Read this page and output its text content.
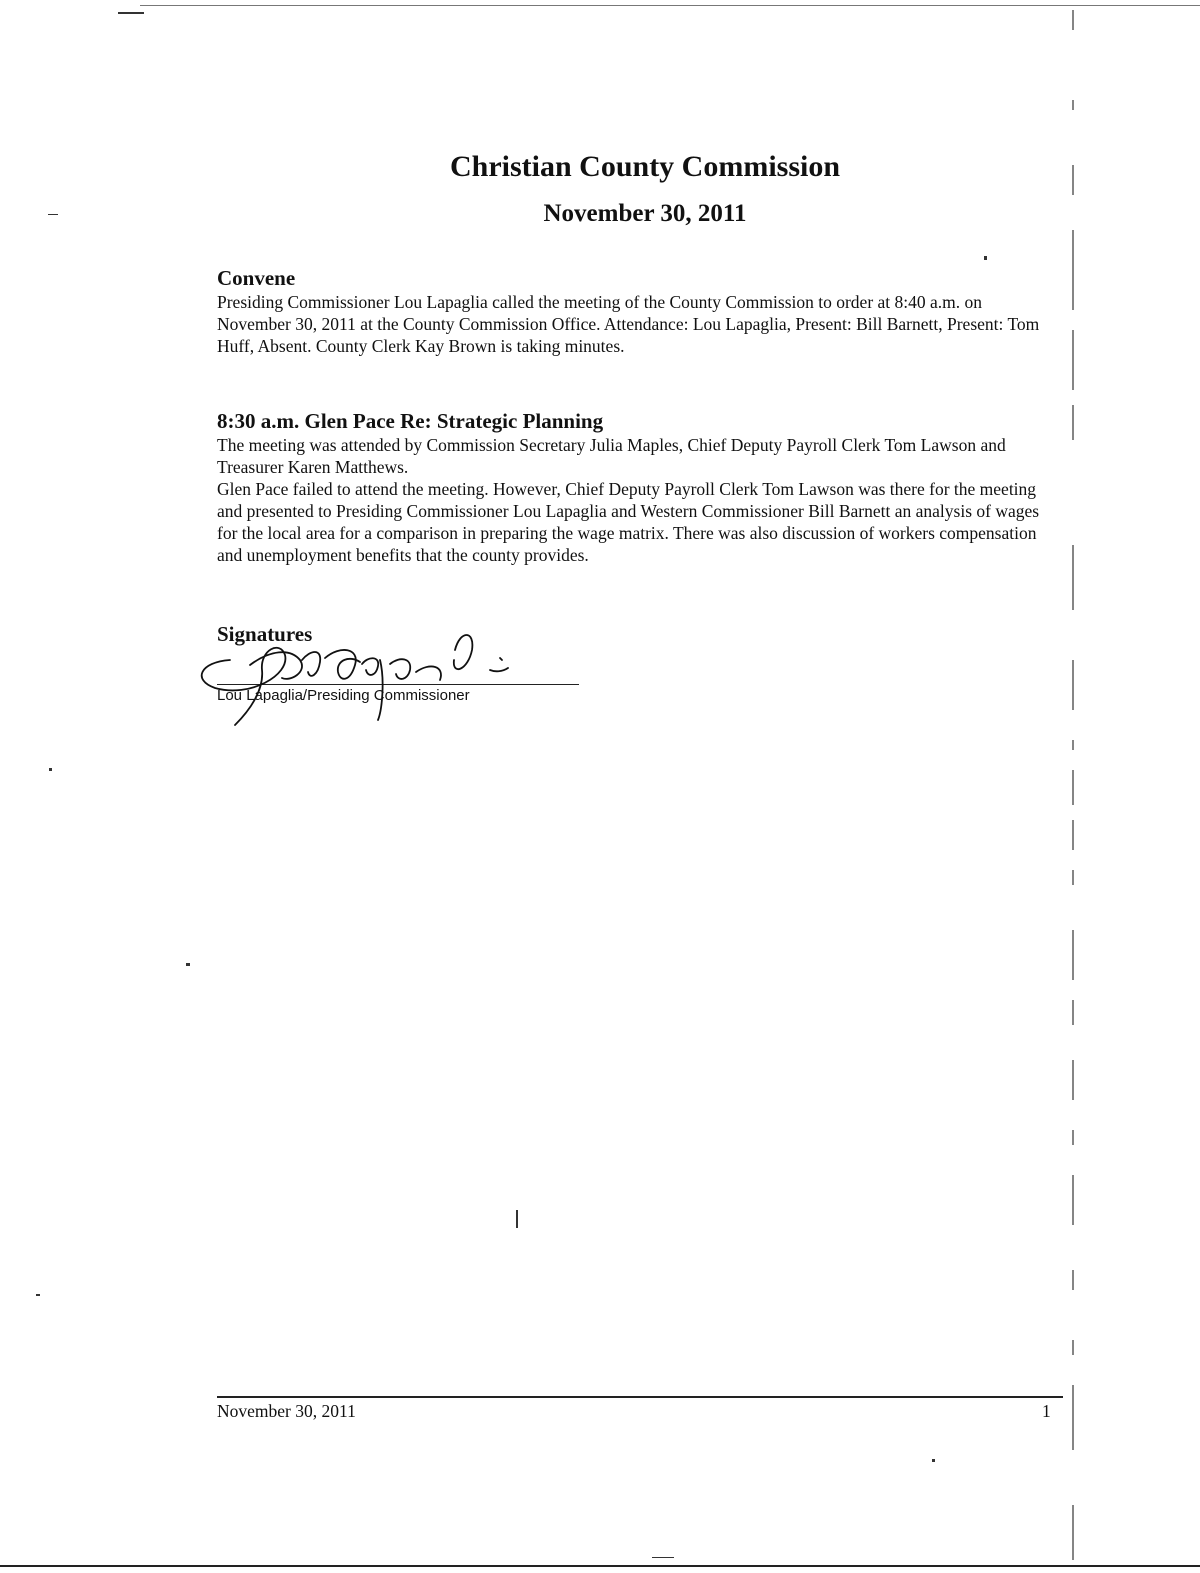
Christian County Commission
November 30, 2011
Convene

Presiding Commissioner Lou Lapaglia called the meeting of the County Commission to order at 8:40 a.m. on November 30, 2011 at the County Commission Office. Attendance: Lou Lapaglia, Present: Bill Barnett, Present: Tom Huff, Absent. County Clerk Kay Brown is taking minutes.

8:30 a.m. Glen Pace Re: Strategic Planning

The meeting was attended by Commission Secretary Julia Maples, Chief Deputy Payroll Clerk Tom Lawson and Treasurer Karen Matthews.

Glen Pace failed to attend the meeting. However, Chief Deputy Payroll Clerk Tom Lawson was there for the meeting and presented to Presiding Commissioner Lou Lapaglia and Western Commissioner Bill Barnett an analysis of wages for the local area for a comparison in preparing the wage matrix. There was also discussion of workers compensation and unemployment benefits that the county provides.

Signatures
Lou Lapaglia/Presiding Commissioner
November 30, 2011	1
